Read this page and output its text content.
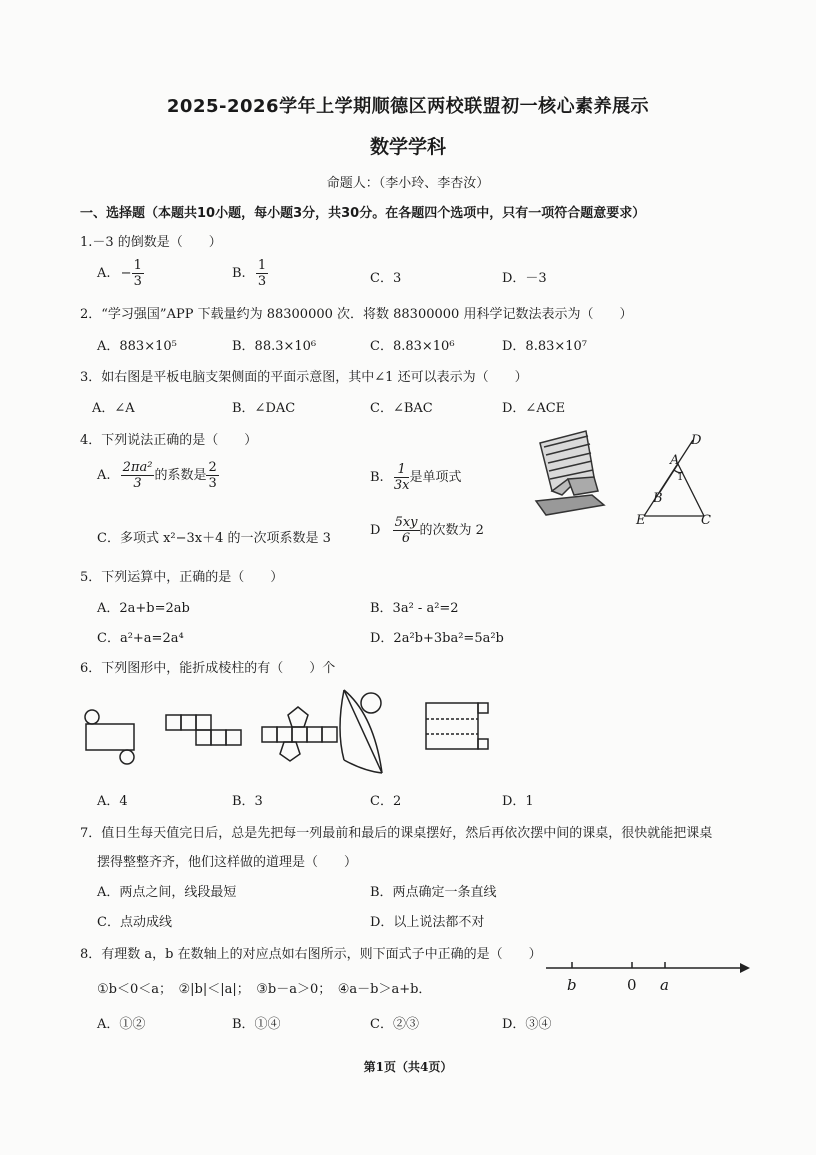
2025-2026学年上学期顺德区两校联盟初一核心素养展示
数学学科
命题人：（李小玲、李杏汝）
一、选择题（本题共10小题，每小题3分，共30分。在各题四个选项中，只有一项符合题意要求）
1.－3 的倒数是（　　）
A. − $\frac{1}{3}$	B. $\frac{1}{3}$	C．3	D．－3
2．“学习强国”APP 下载量约为 88300000 次．将数 88300000 用科学记数法表示为（　　）
A．883×10⁵	B．88.3×10⁶	C．8.83×10⁶	D．8.83×10⁷
3．如右图是平板电脑支架侧面的平面示意图，其中∠1 还可以表示为（　　）
A．∠A	B．∠DAC	C．∠BAC	D．∠ACE
4．下列说法正确的是（　　）
A. $\frac{\text{2πa²}}{3}$ 的系数是 $\frac{2}{3}$	B. $\frac{1}{3x}$ 是单项式
C．多项式 x²−3x＋4 的一次项系数是 3
D $\frac{5xy}{6}$ 的次数为 2
D
A
1
B
E	C
5．下列运算中，正确的是（　　）
A．2a+b=2ab	B．3a² - a²=2
C．a²+a=2a⁴	D．2a²b+3ba²=5a²b
6．下列图形中，能折成棱柱的有（　　）个
A．4	B．3	C．2	D．1
7．值日生每天值完日后，总是先把每一列最前和最后的课桌摆好，然后再依次摆中间的课桌，很快就能把课桌
摆得整整齐齐，他们这样做的道理是（　　）
A．两点之间，线段最短	B．两点确定一条直线
C．点动成线	D．以上说法都不对
8．有理数 a，b 在数轴上的对应点如右图所示，则下面式子中正确的是（　　）
①b＜0＜a；　②|b|＜|a|；　③b－a＞0；　④a－b＞a+b．
A．①②	B．①④	C．②③	D．③④
b	0 a
第1页（共4页）
